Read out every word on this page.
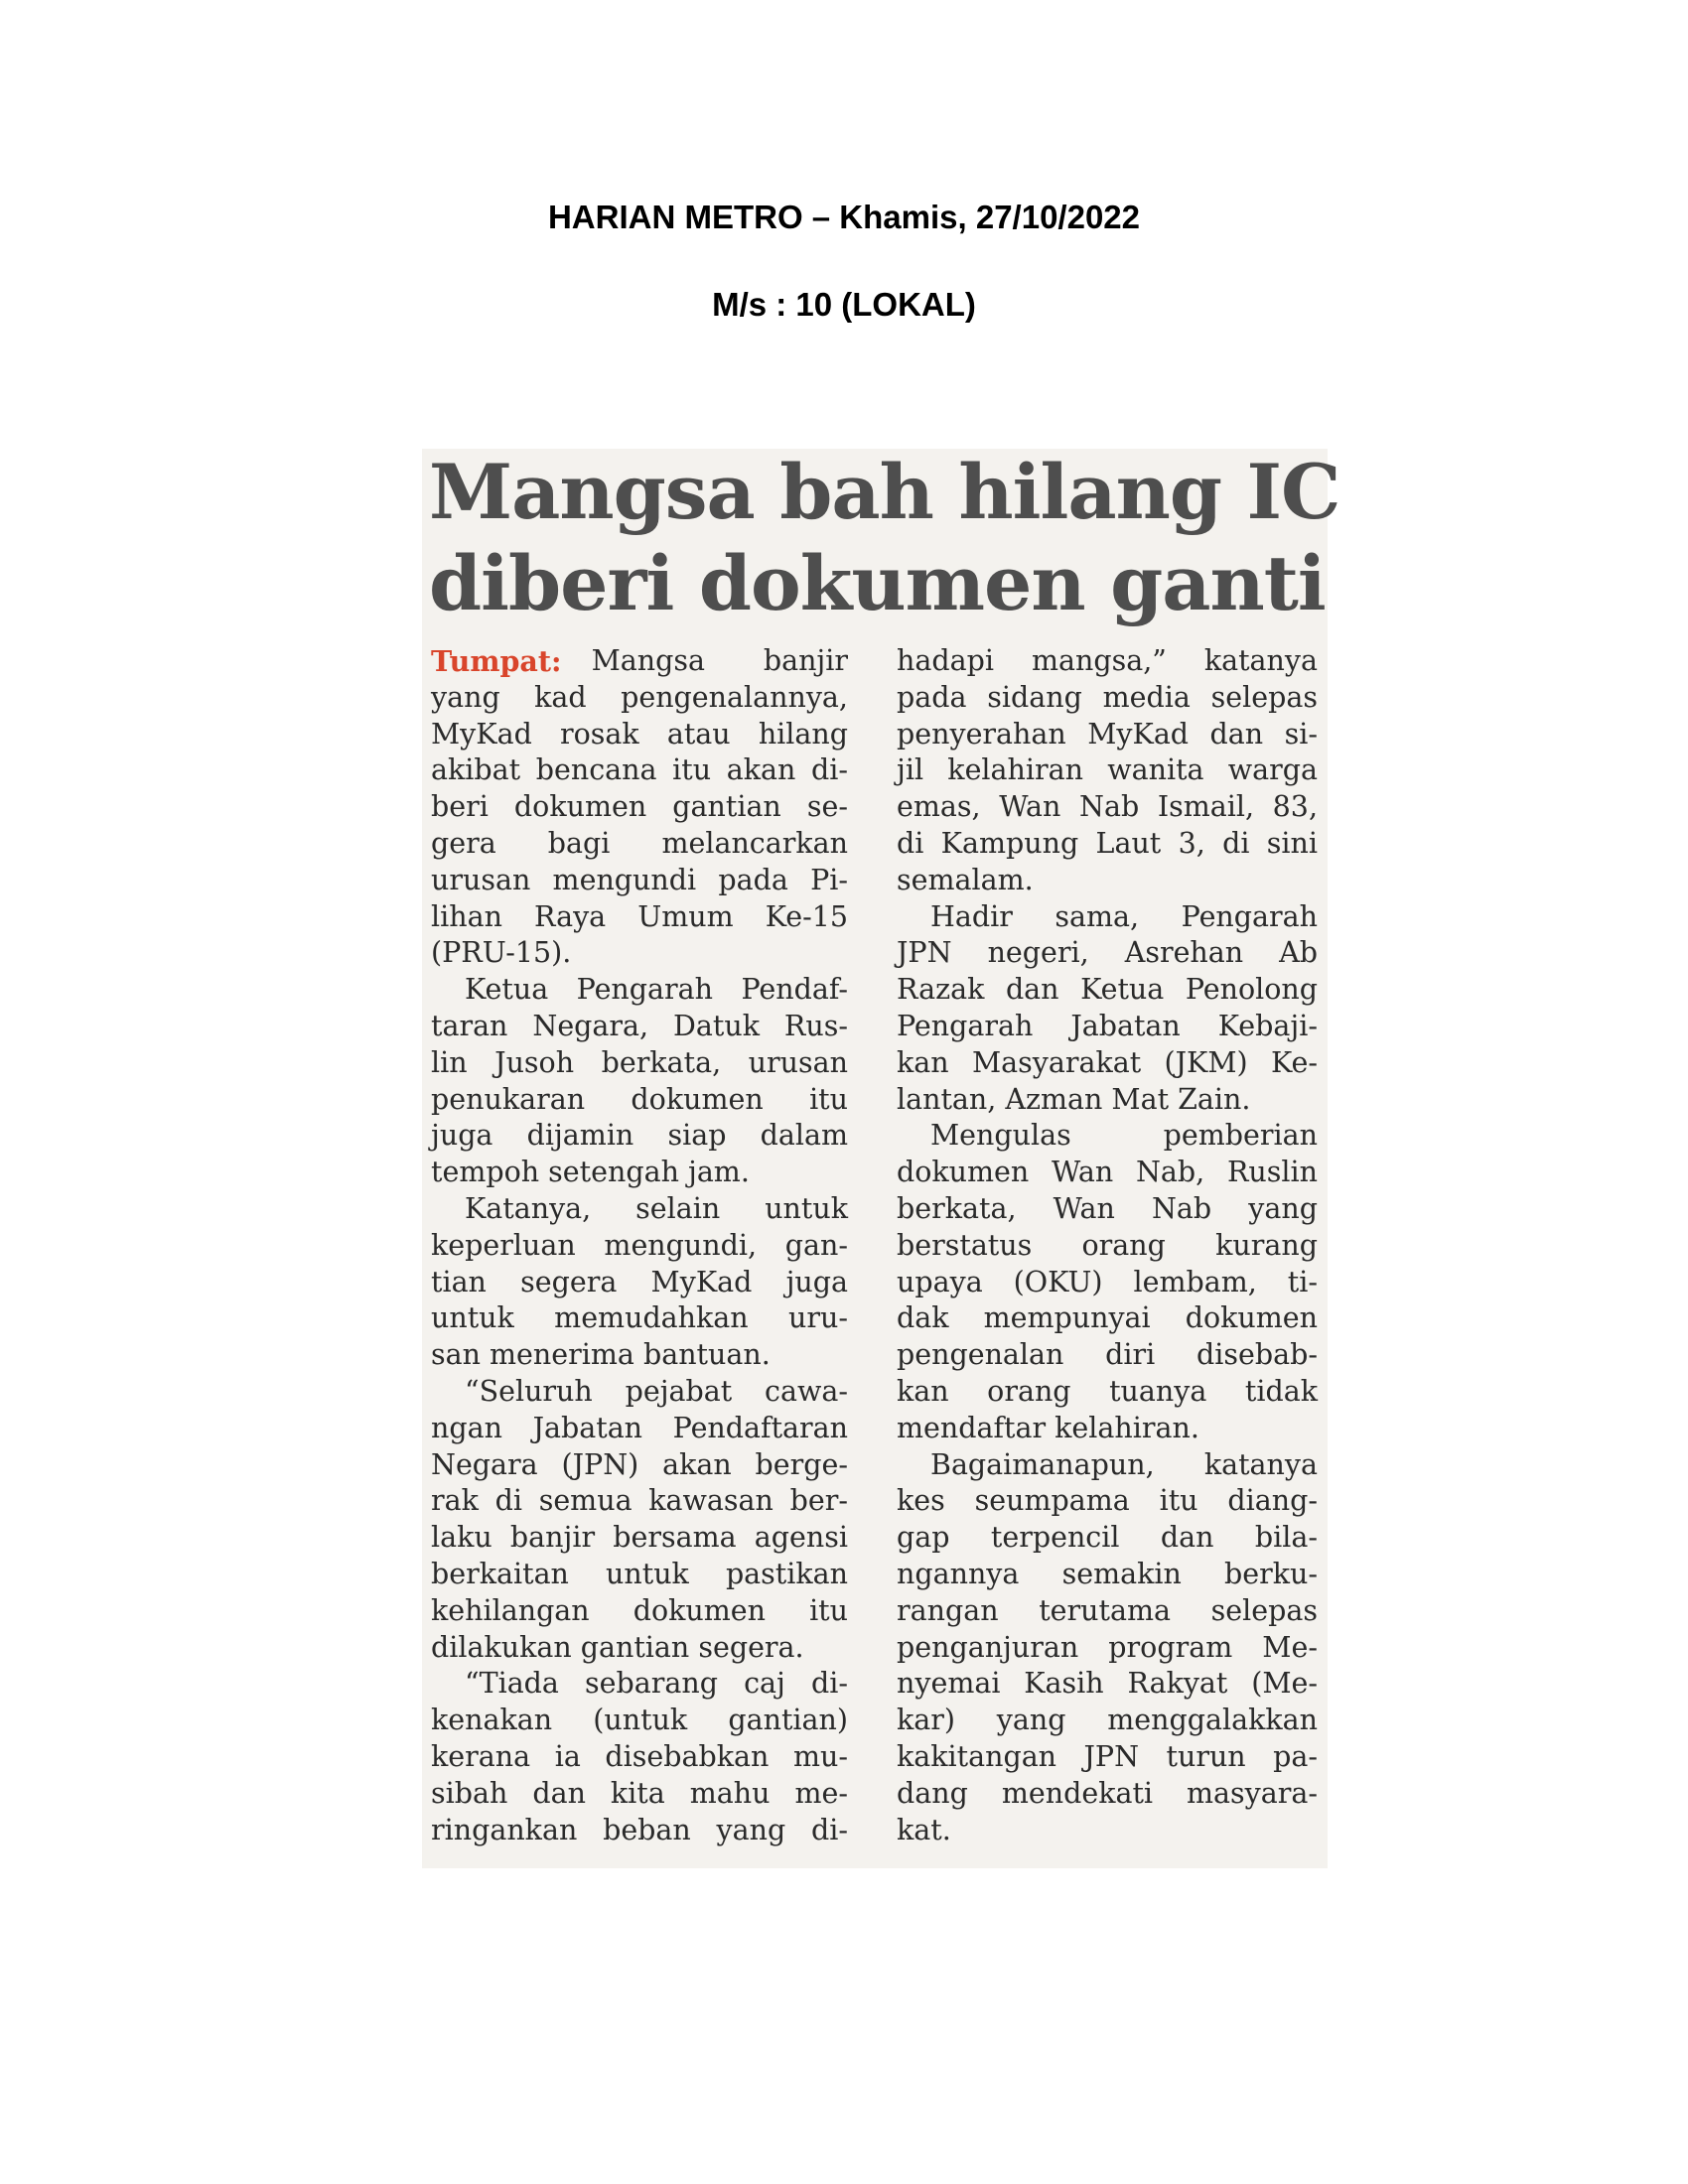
HARIAN METRO – Khamis, 27/10/2022
M/s : 10 (LOKAL)
Mangsa bah hilang IC
diberi dokumen ganti
Tumpat: Mangsa banjir
yang kad pengenalannya,
MyKad rosak atau hilang
akibat bencana itu akan di-
beri dokumen gantian se-
gera bagi melancarkan
urusan mengundi pada Pi-
lihan Raya Umum Ke-15
(PRU-15).
Ketua Pengarah Pendaf-
taran Negara, Datuk Rus-
lin Jusoh berkata, urusan
penukaran dokumen itu
juga dijamin siap dalam
tempoh setengah jam.
Katanya, selain untuk
keperluan mengundi, gan-
tian segera MyKad juga
untuk memudahkan uru-
san menerima bantuan.
“Seluruh pejabat cawa-
ngan Jabatan Pendaftaran
Negara (JPN) akan berge-
rak di semua kawasan ber-
laku banjir bersama agensi
berkaitan untuk pastikan
kehilangan dokumen itu
dilakukan gantian segera.
“Tiada sebarang caj di-
kenakan (untuk gantian)
kerana ia disebabkan mu-
sibah dan kita mahu me-
ringankan beban yang di-
hadapi mangsa,” katanya
pada sidang media selepas
penyerahan MyKad dan si-
jil kelahiran wanita warga
emas, Wan Nab Ismail, 83,
di Kampung Laut 3, di sini
semalam.
Hadir sama, Pengarah
JPN negeri, Asrehan Ab
Razak dan Ketua Penolong
Pengarah Jabatan Kebaji-
kan Masyarakat (JKM) Ke-
lantan, Azman Mat Zain.
Mengulas pemberian
dokumen Wan Nab, Ruslin
berkata, Wan Nab yang
berstatus orang kurang
upaya (OKU) lembam, ti-
dak mempunyai dokumen
pengenalan diri disebab-
kan orang tuanya tidak
mendaftar kelahiran.
Bagaimanapun, katanya
kes seumpama itu diang-
gap terpencil dan bila-
ngannya semakin berku-
rangan terutama selepas
penganjuran program Me-
nyemai Kasih Rakyat (Me-
kar) yang menggalakkan
kakitangan JPN turun pa-
dang mendekati masyara-
kat.
